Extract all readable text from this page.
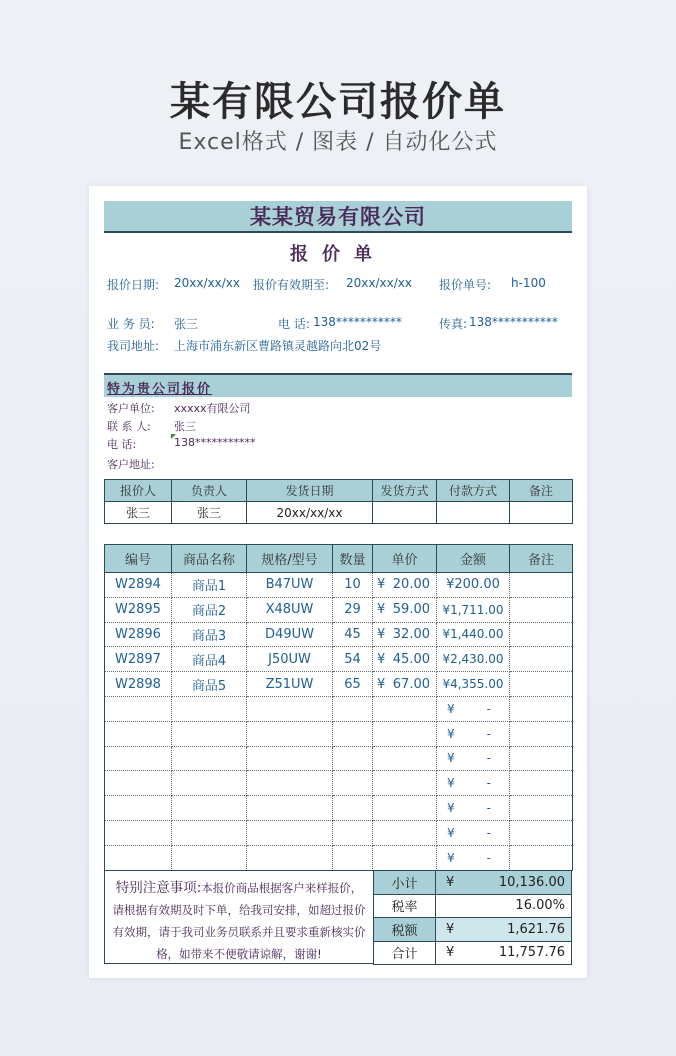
某有限公司报价单
Excel格式 / 图表 / 自动化公式
某某贸易有限公司
报价单
报价日期: 20xx/xx/xx 报价有效期至: 20xx/xx/xx 报价单号: h-100
业 务 员: 张三	电 话: 138***********	传真: 138***********
我司地址: 上海市浦东新区曹路镇灵越路向北02号
特为贵公司报价
客户单位: xxxxx有限公司
联 系 人: 张三
电 话:	138***********
客户地址:
报价人	负责人	发货日期	发货方式	付款方式	备注
张三	张三	20xx/xx/xx			
编号	商品名称	规格/型号	数量	单价	金额	备注
W2894	商品1	B47UW	10	¥ 20.00	¥200.00	
W2895	商品2	X48UW	29	¥ 59.00	¥1,711.00	
W2896	商品3	D49UW	45	¥ 32.00	¥1,440.00	
W2897	商品4	J50UW	54	¥ 45.00	¥2,430.00	
W2898	商品5	Z51UW	65	¥ 67.00	¥4,355.00	
					¥ -	

					¥ -	

					¥ -	

					¥ -	

					¥ -	

					¥ -	

					¥ -	

特别注意事项:本报价商品根据客户来样报价，请根据有效期及时下单，给我司安排，如超过报价有效期，请于我司业务员联系并且要求重新核实价格，如带来不便敬请谅解，谢谢!
小计	¥ 10,136.00
税率	16.00%
税额	¥ 1,621.76
合计	¥ 11,757.76
